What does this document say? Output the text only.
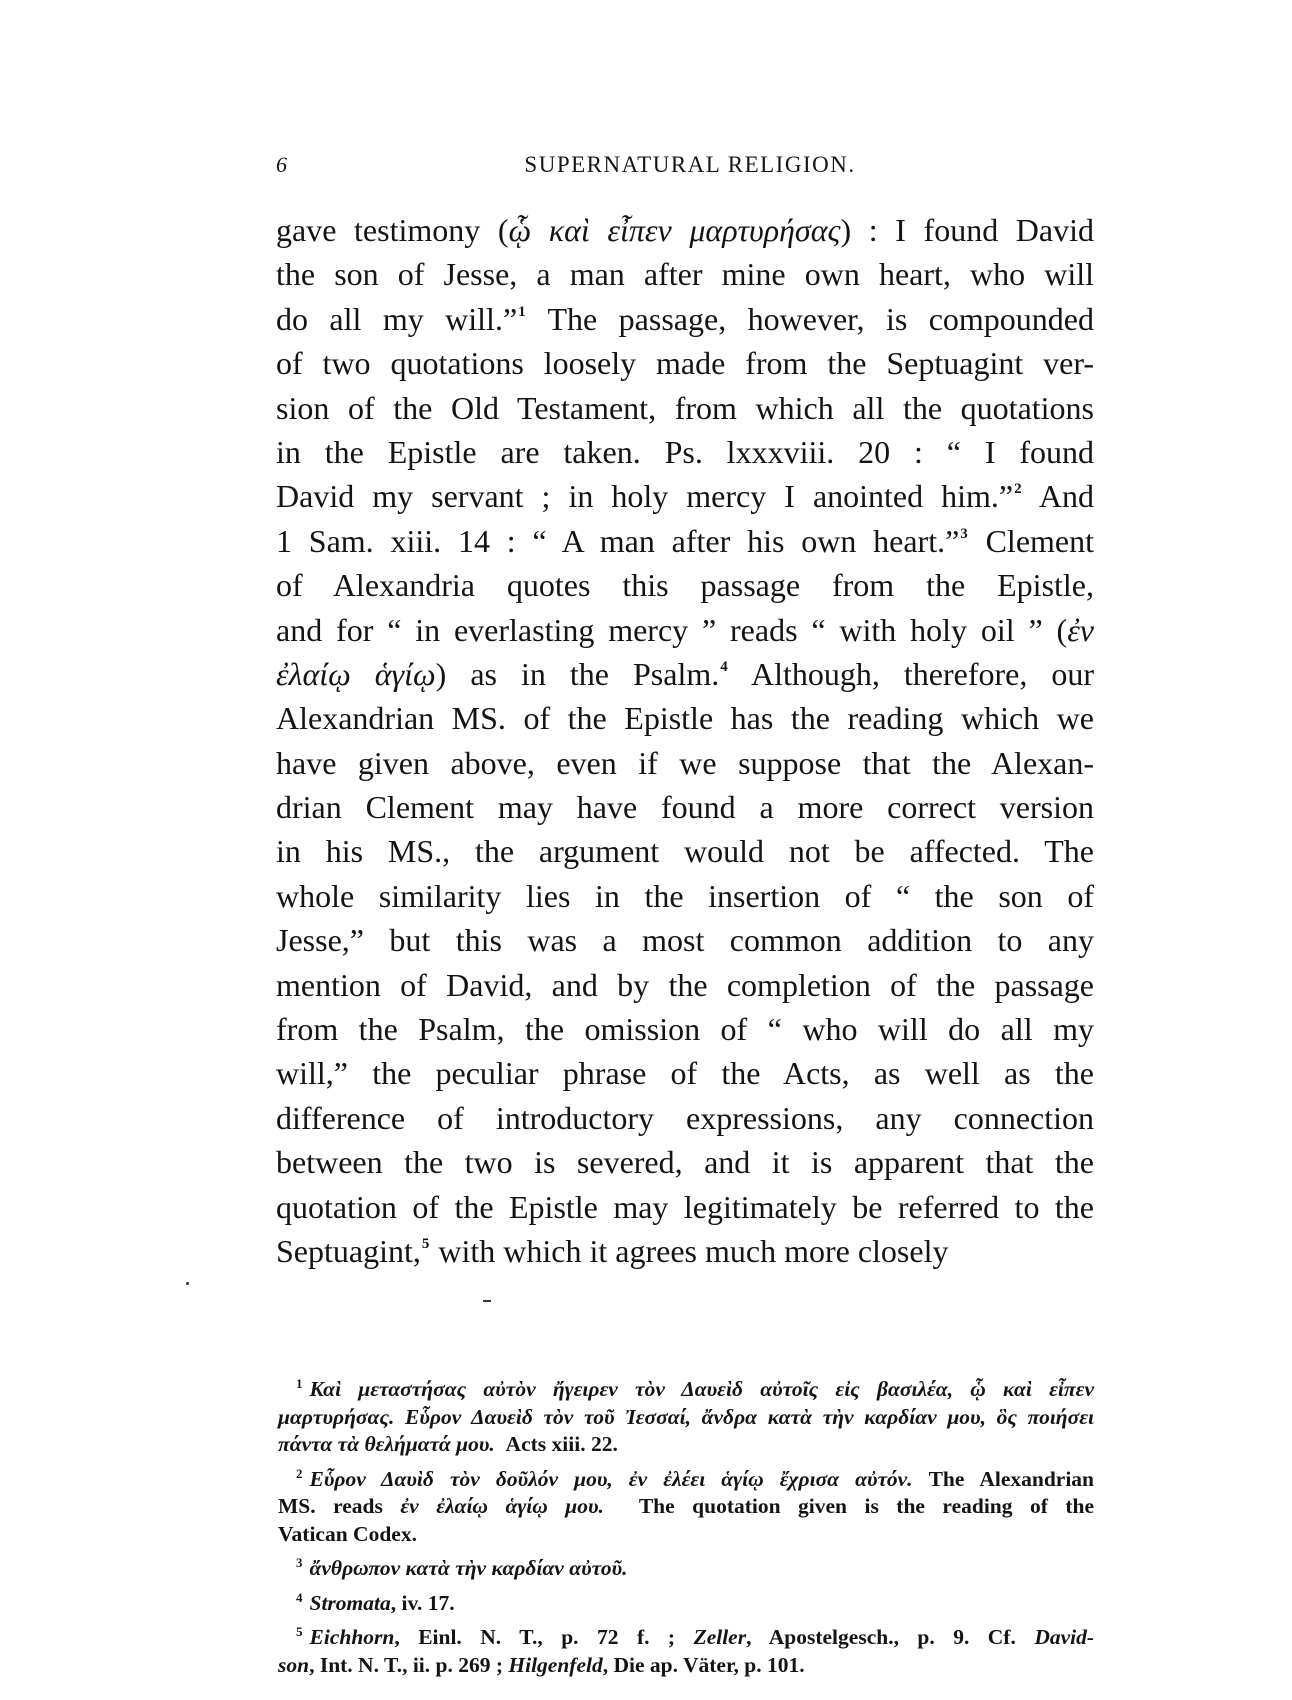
6	SUPERNATURAL RELIGION.
gave testimony (ᾧ καὶ εἶπεν μαρτυρήσας) : I found David
the son of Jesse, a man after mine own heart, who will
do all my will.”$^1$ The passage, however, is compounded
of two quotations loosely made from the Septuagint ver-
sion of the Old Testament, from which all the quotations
in the Epistle are taken. Ps. lxxxviii. 20 : “ I found
David my servant ; in holy mercy I anointed him.”$^2$ And
1 Sam. xiii. 14 : “ A man after his own heart.”$^3$ Clement
of Alexandria quotes this passage from the Epistle,
and for “ in everlasting mercy ” reads “ with holy oil ” (ἐν
ἐλαίῳ ἁγίῳ) as in the Psalm.$^4$ Although, therefore, our
Alexandrian MS. of the Epistle has the reading which we
have given above, even if we suppose that the Alexan-
drian Clement may have found a more correct version
in his MS., the argument would not be affected. The
whole similarity lies in the insertion of “ the son of
Jesse,” but this was a most common addition to any
mention of David, and by the completion of the passage
from the Psalm, the omission of “ who will do all my
will,” the peculiar phrase of the Acts, as well as the
difference of introductory expressions, any connection
between the two is severed, and it is apparent that the
quotation of the Epistle may legitimately be referred to the
Septuagint,$^5$ with which it agrees much more closely
$^1$ Καὶ μεταστήσας αὐτὸν ἤγειρεν τὸν Δαυεὶδ αὐτοῖς εἰς βασιλέα, ᾧ καὶ εἶπεν
μαρτυρήσας. Εὗρον Δαυεὶδ τὸν τοῦ Ἰεσσαί, ἄνδρα κατὰ τὴν καρδίαν μου, ὃς ποιήσει
πάντα τὰ θελήματά μου. Acts xiii. 22.
$^2$ Εὗρον Δαυὶδ τὸν δοῦλόν μου, ἐν ἐλέει ἁγίῳ ἔχρισα αὐτόν. The Alexandrian
MS. reads ἐν ἐλαίῳ ἁγίῳ μου. The quotation given is the reading of the
Vatican Codex.
$^3$ ἄνθρωπον κατὰ τὴν καρδίαν αὐτοῦ.
$^4$ Stromata, iv. 17.
$^5$ Eichhorn, Einl. N. T., p. 72 f. ; Zeller, Apostelgesch., p. 9. Cf. David-
son, Int. N. T., ii. p. 269 ; Hilgenfeld, Die ap. Väter, p. 101.
